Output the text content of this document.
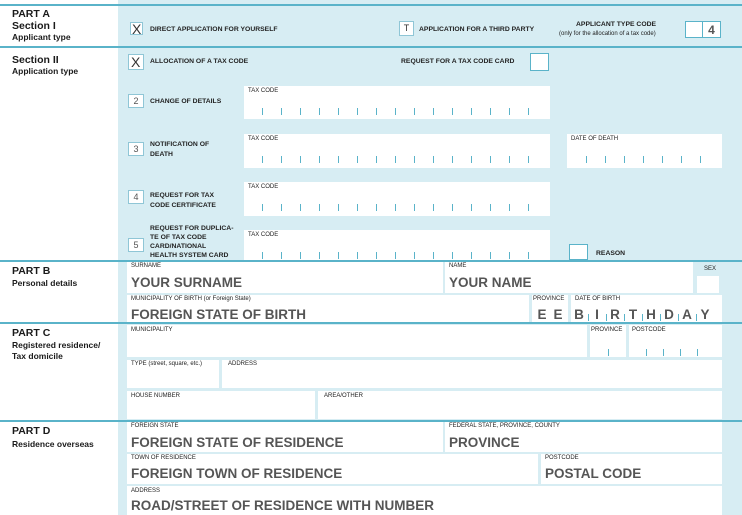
PART A
Section I
Applicant type	X DIRECT APPLICATION FOR YOURSELF	T	APPLICATION FOR A THIRD PARTY
APPLICANT TYPE CODE
(only for the allocation of a tax code)	4
Section II
Application type
X ALLOCATION OF A TAX CODE	REQUEST FOR A TAX CODE CARD
2	CHANGE OF DETAILS
TAX CODE
3	NOTIFICATION OF
DEATH
TAX CODE	DATE OF DEATH
4	REQUEST FOR TAX
CODE CERTIFICATE
TAX CODE
5
REQUEST FOR DUPLICA-
TE OF TAX CODE
CARD/NATIONAL
HEALTH SYSTEM CARD
TAX CODE
REASON
PART B
Personal details
SURNAME
YOUR SURNAME
NAME
YOUR NAME
SEX
MUNICIPALITY OF BIRTH (or Foreign State)
FOREIGN STATE OF BIRTH
PROVINCE
E E
DATE OF BIRTH
B I R T H D A Y
PART C
Registered residence/
Tax domicile
MUNICIPALITY	PROVINCE POSTCODE
TYPE (street, square, etc.)	ADDRESS
HOUSE NUMBER	AREA/OTHER
PART D
Residence overseas
FOREIGN STATE
FOREIGN STATE OF RESIDENCE
FEDERAL STATE, PROVINCE, COUNTY
PROVINCE
TOWN OF RESIDENCE
FOREIGN TOWN OF RESIDENCE
POSTCODE
POSTAL CODE
ADDRESS
ROAD/STREET OF RESIDENCE WITH NUMBER
